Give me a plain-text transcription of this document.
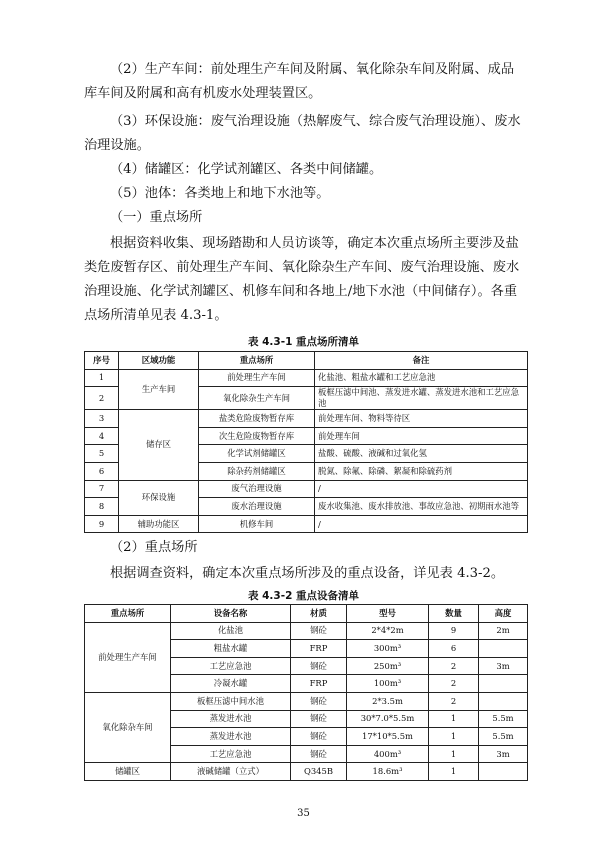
（2）生产车间：前处理生产车间及附属、氧化除杂车间及附属、成品库车间及附属和高有机废水处理装置区。

（3）环保设施：废气治理设施（热解废气、综合废气治理设施）、废水治理设施。

（4）储罐区：化学试剂罐区、各类中间储罐。

（5）池体：各类地上和地下水池等。

（一）重点场所

根据资料收集、现场踏勘和人员访谈等，确定本次重点场所主要涉及盐类危废暂存区、前处理生产车间、氧化除杂生产车间、废气治理设施、废水治理设施、化学试剂罐区、机修车间和各地上/地下水池（中间储存）。各重点场所清单见表 4.3-1。

表 4.3-1 重点场所清单
序号	区域功能	重点场所	备注
1	生产车间	前处理生产车间	化盐池、粗盐水罐和工艺应急池
2		氧化除杂生产车间	板框压滤中间池、蒸发进水罐、蒸发进水池和工艺应急池
3	储存区	盐类危险废物暂存库	前处理车间、物料等待区
4		次生危险废物暂存库	前处理车间
5		化学试剂储罐区	盐酸、硫酸、液碱和过氧化氢
6		除杂药剂储罐区	脱氮、除氟、除磷、絮凝和除硫药剂
7	环保设施	废气治理设施	/
8		废水治理设施	废水收集池、废水排放池、事故应急池、初期雨水池等
9	辅助功能区	机修车间	/

（2）重点场所

根据调查资料，确定本次重点场所涉及的重点设备，详见表 4.3-2。

表 4.3-2 重点设备清单
重点场所	设备名称	材质	型号	数量	高度
前处理生产车间	化盐池	钢砼	2*4*2m	9	2m
	粗盐水罐	FRP	300m³	6	
	工艺应急池	钢砼	250m³	2	3m
	冷凝水罐	FRP	100m³	2	
氧化除杂车间	板框压滤中间水池	钢砼	2*3.5m	2	
	蒸发进水池	钢砼	30*7.0*5.5m	1	5.5m
	蒸发进水池	钢砼	17*10*5.5m	1	5.5m
	工艺应急池	钢砼	400m³	1	3m
储罐区	液碱储罐（立式）	Q345B	18.6m³	1	
35
